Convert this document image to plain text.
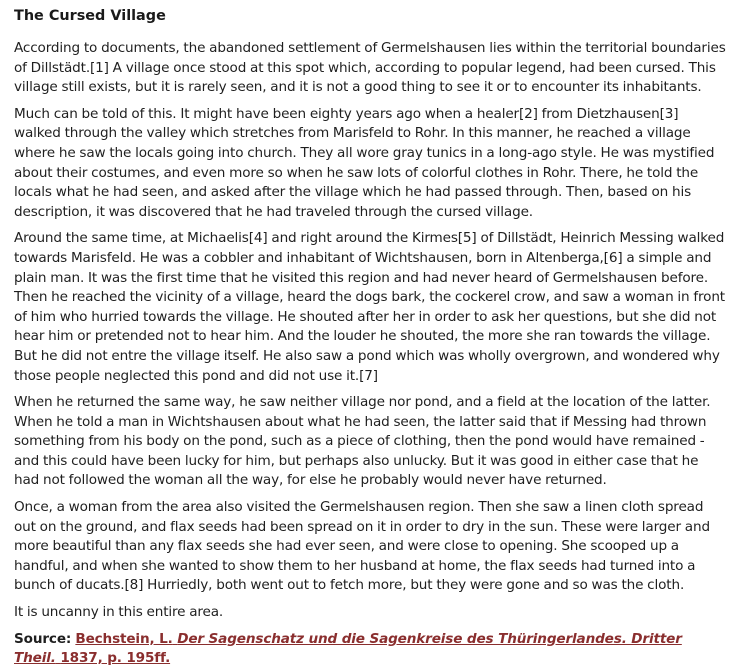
The Cursed Village

According to documents, the abandoned settlement of Germelshausen lies within the territorial boundaries of Dillstädt.[1] A village once stood at this spot which, according to popular legend, had been cursed. This village still exists, but it is rarely seen, and it is not a good thing to see it or to encounter its inhabitants.

Much can be told of this. It might have been eighty years ago when a healer[2] from Dietzhausen[3] walked through the valley which stretches from Marisfeld to Rohr. In this manner, he reached a village where he saw the locals going into church. They all wore gray tunics in a long-ago style. He was mystified about their costumes, and even more so when he saw lots of colorful clothes in Rohr. There, he told the locals what he had seen, and asked after the village which he had passed through. Then, based on his description, it was discovered that he had traveled through the cursed village.

Around the same time, at Michaelis[4] and right around the Kirmes[5] of Dillstädt, Heinrich Messing walked towards Marisfeld. He was a cobbler and inhabitant of Wichtshausen, born in Altenberga,[6] a simple and plain man. It was the first time that he visited this region and had never heard of Germelshausen before. Then he reached the vicinity of a village, heard the dogs bark, the cockerel crow, and saw a woman in front of him who hurried towards the village. He shouted after her in order to ask her questions, but she did not hear him or pretended not to hear him. And the louder he shouted, the more she ran towards the village. But he did not entre the village itself. He also saw a pond which was wholly overgrown, and wondered why those people neglected this pond and did not use it.[7]

When he returned the same way, he saw neither village nor pond, and a field at the location of the latter. When he told a man in Wichtshausen about what he had seen, the latter said that if Messing had thrown something from his body on the pond, such as a piece of clothing, then the pond would have remained - and this could have been lucky for him, but perhaps also unlucky. But it was good in either case that he had not followed the woman all the way, for else he probably would never have returned.

Once, a woman from the area also visited the Germelshausen region. Then she saw a linen cloth spread out on the ground, and flax seeds had been spread on it in order to dry in the sun. These were larger and more beautiful than any flax seeds she had ever seen, and were close to opening. She scooped up a handful, and when she wanted to show them to her husband at home, the flax seeds had turned into a bunch of ducats.[8] Hurriedly, both went out to fetch more, but they were gone and so was the cloth.

It is uncanny in this entire area.

Source: Bechstein, L. Der Sagenschatz und die Sagenkreise des Thüringerlandes. Dritter Theil. 1837, p. 195ff.
